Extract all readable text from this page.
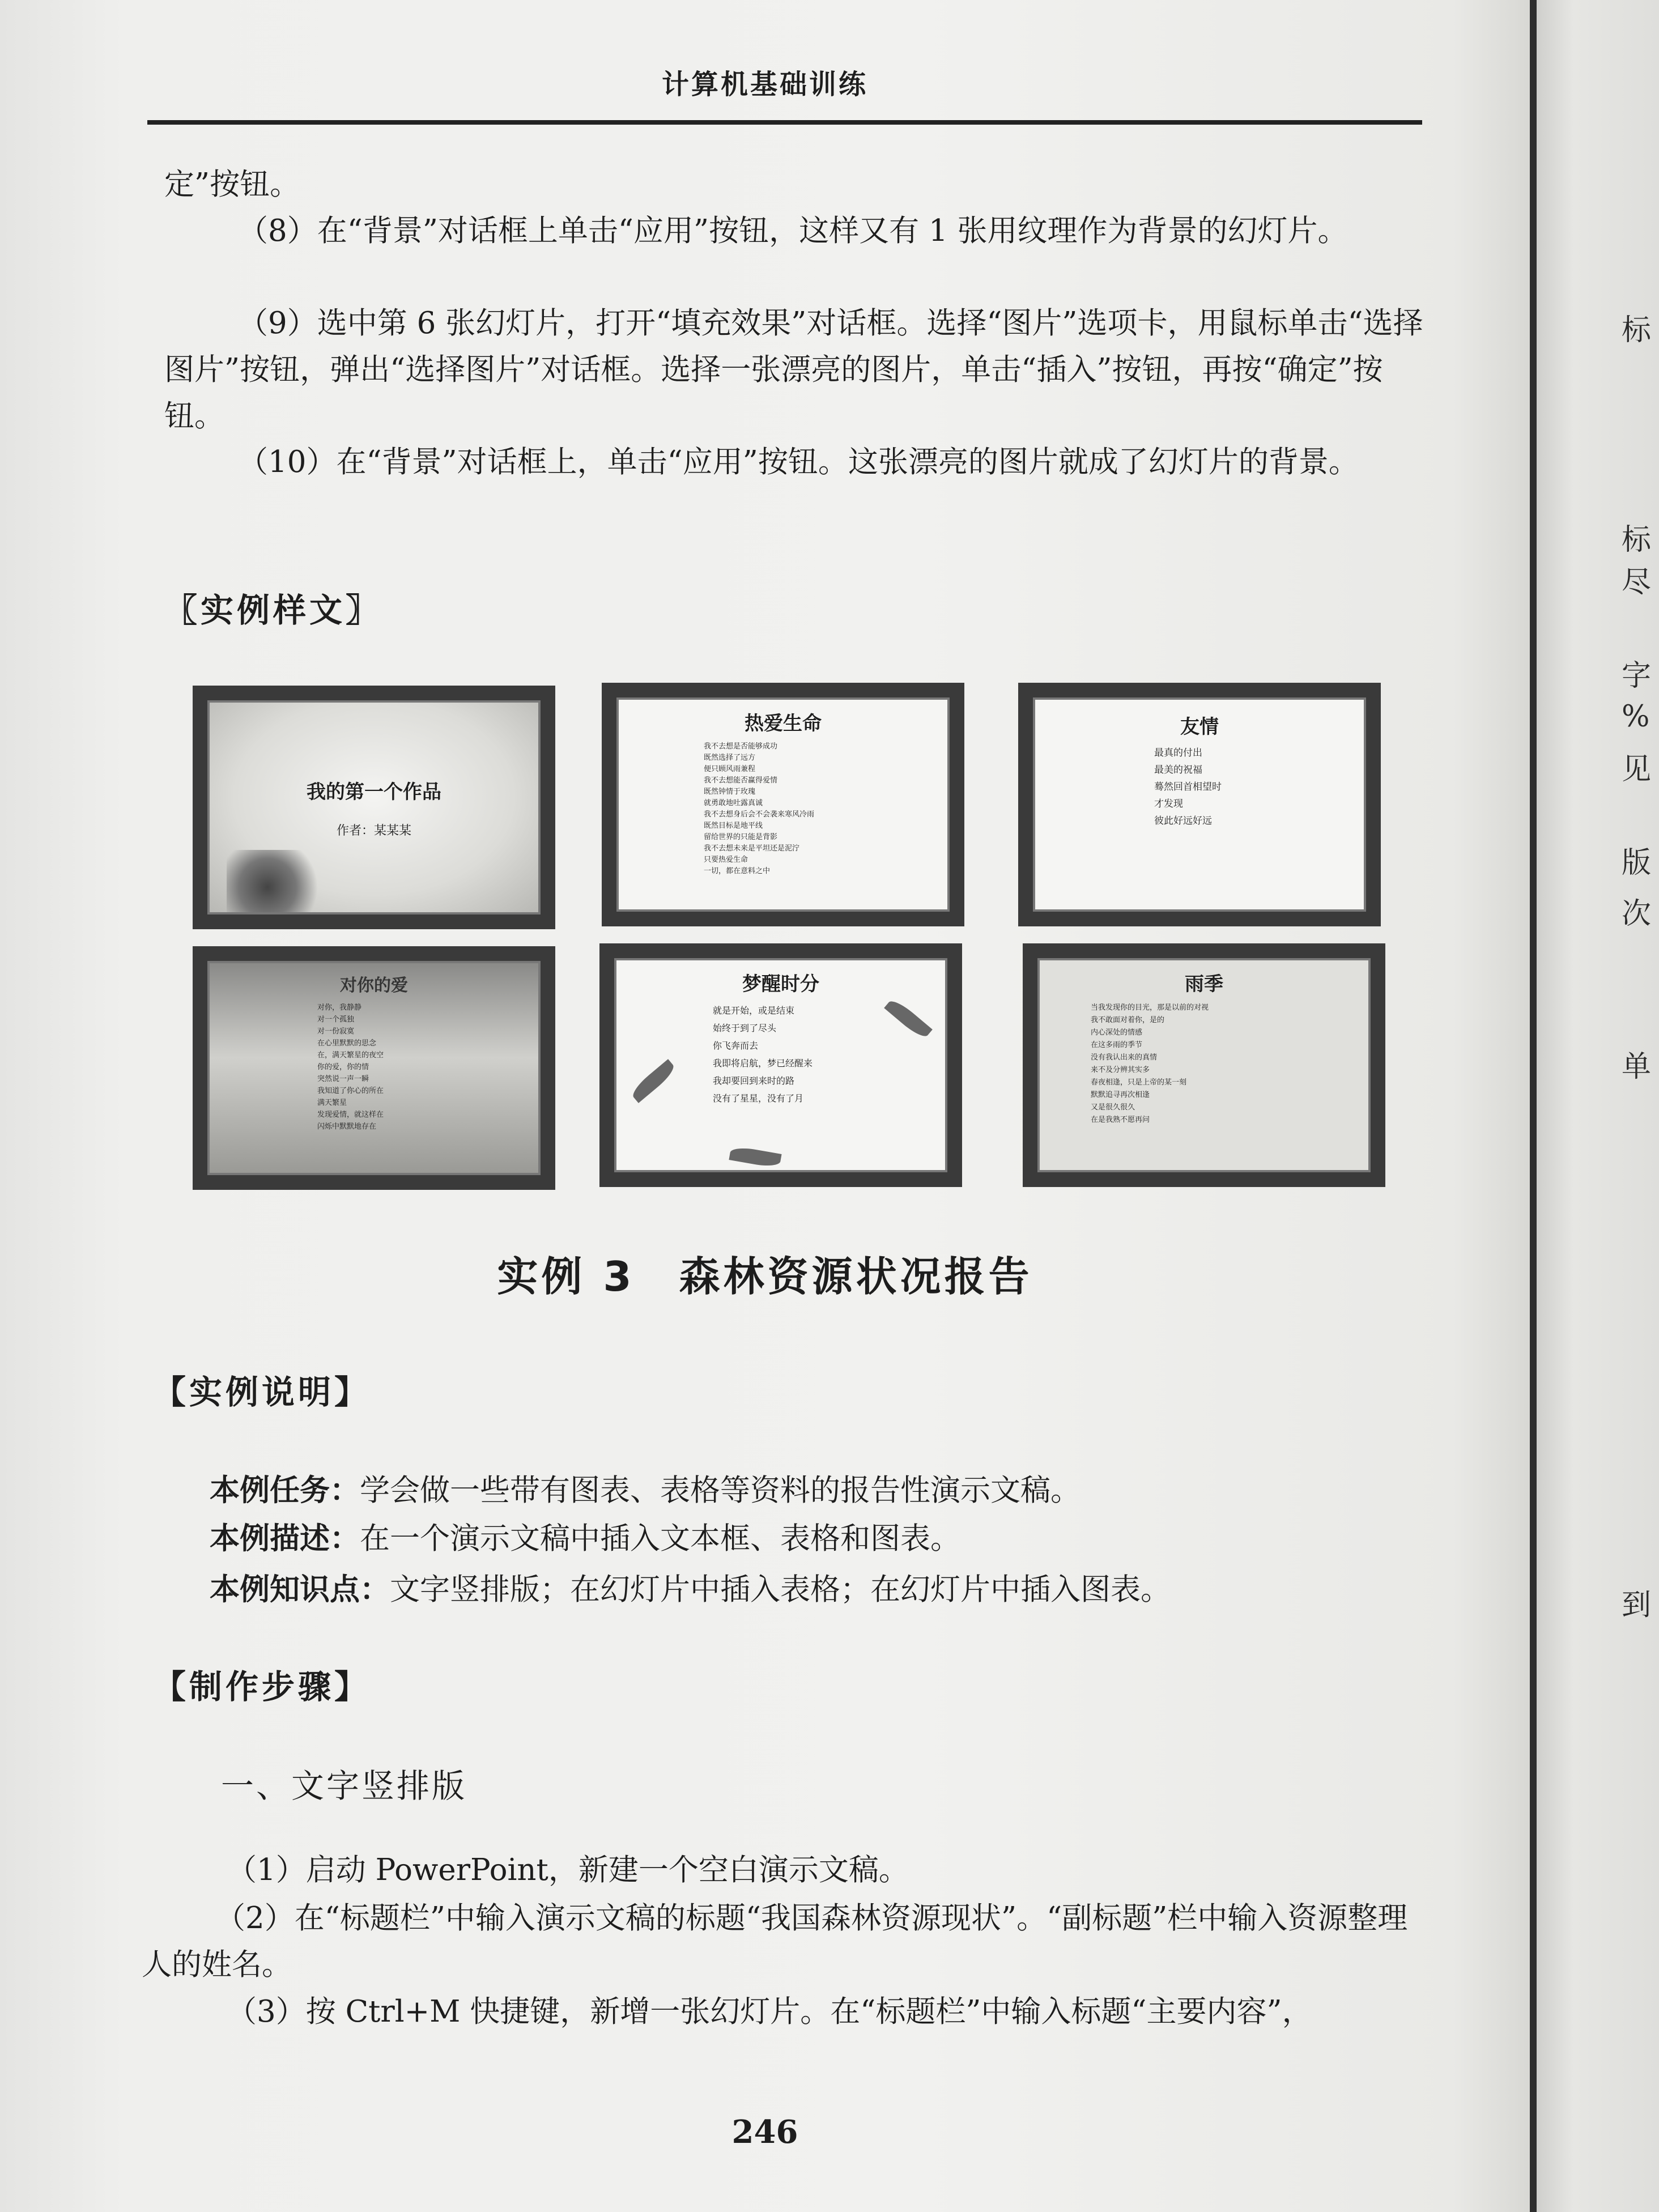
计算机基础训练
定”按钮。
（8）在“背景”对话框上单击“应用”按钮，这样又有 1 张用纹理作为背景的幻灯片。
（9）选中第 6 张幻灯片，打开“填充效果”对话框。选择“图片”选项卡，用鼠标单击“选择图片”按钮，弹出“选择图片”对话框。选择一张漂亮的图片，单击“插入”按钮，再按“确定”按钮。
（10）在“背景”对话框上，单击“应用”按钮。这张漂亮的图片就成了幻灯片的背景。
〖实例样文〗
我的第一个作品
作者：某某某
热爱生命
我不去想是否能够成功
既然选择了远方
便只顾风雨兼程
我不去想能否赢得爱情
既然钟情于玫瑰
就勇敢地吐露真诚
我不去想身后会不会袭来寒风冷雨
既然目标是地平线
留给世界的只能是背影
我不去想未来是平坦还是泥泞
只要热爱生命
一切，都在意料之中
友情
最真的付出
最美的祝福
蓦然回首相望时
才发现
彼此好远好远
对你的爱
对你，我静静
对一个孤独
对一份寂寞
在心里默默的思念
在，满天繁星的夜空
你的爱，你的情
突然说一声一瞬
我知道了你心的所在
满天繁星
发现爱情，就这样在
闪烁中默默地存在
梦醒时分
就是开始，或是结束
始终于到了尽头
你飞奔而去
我即将启航，梦已经醒来
我却要回到来时的路
没有了星星，没有了月
雨季
当我发现你的目光，那是以前的对视
我不敢面对着你，是的
内心深处的情感
在这多雨的季节
没有我认出来的真情
来不及分辨其实多
春夜相逢，只是上帝的某一刻
默默追寻再次相逢
又是很久很久
在是我熟不愿再问
实例 3　森林资源状况报告
【实例说明】
本例任务：学会做一些带有图表、表格等资料的报告性演示文稿。
本例描述：在一个演示文稿中插入文本框、表格和图表。
本例知识点：文字竖排版；在幻灯片中插入表格；在幻灯片中插入图表。
【制作步骤】
一、文字竖排版
（1）启动 PowerPoint，新建一个空白演示文稿。
（2）在“标题栏”中输入演示文稿的标题“我国森林资源现状”。“副标题”栏中输入资源整理人的姓名。
（3）按 Ctrl+M 快捷键，新增一张幻灯片。在“标题栏”中输入标题“主要内容”，
246
标
标
尽
字
%
见
版
次
单
到
